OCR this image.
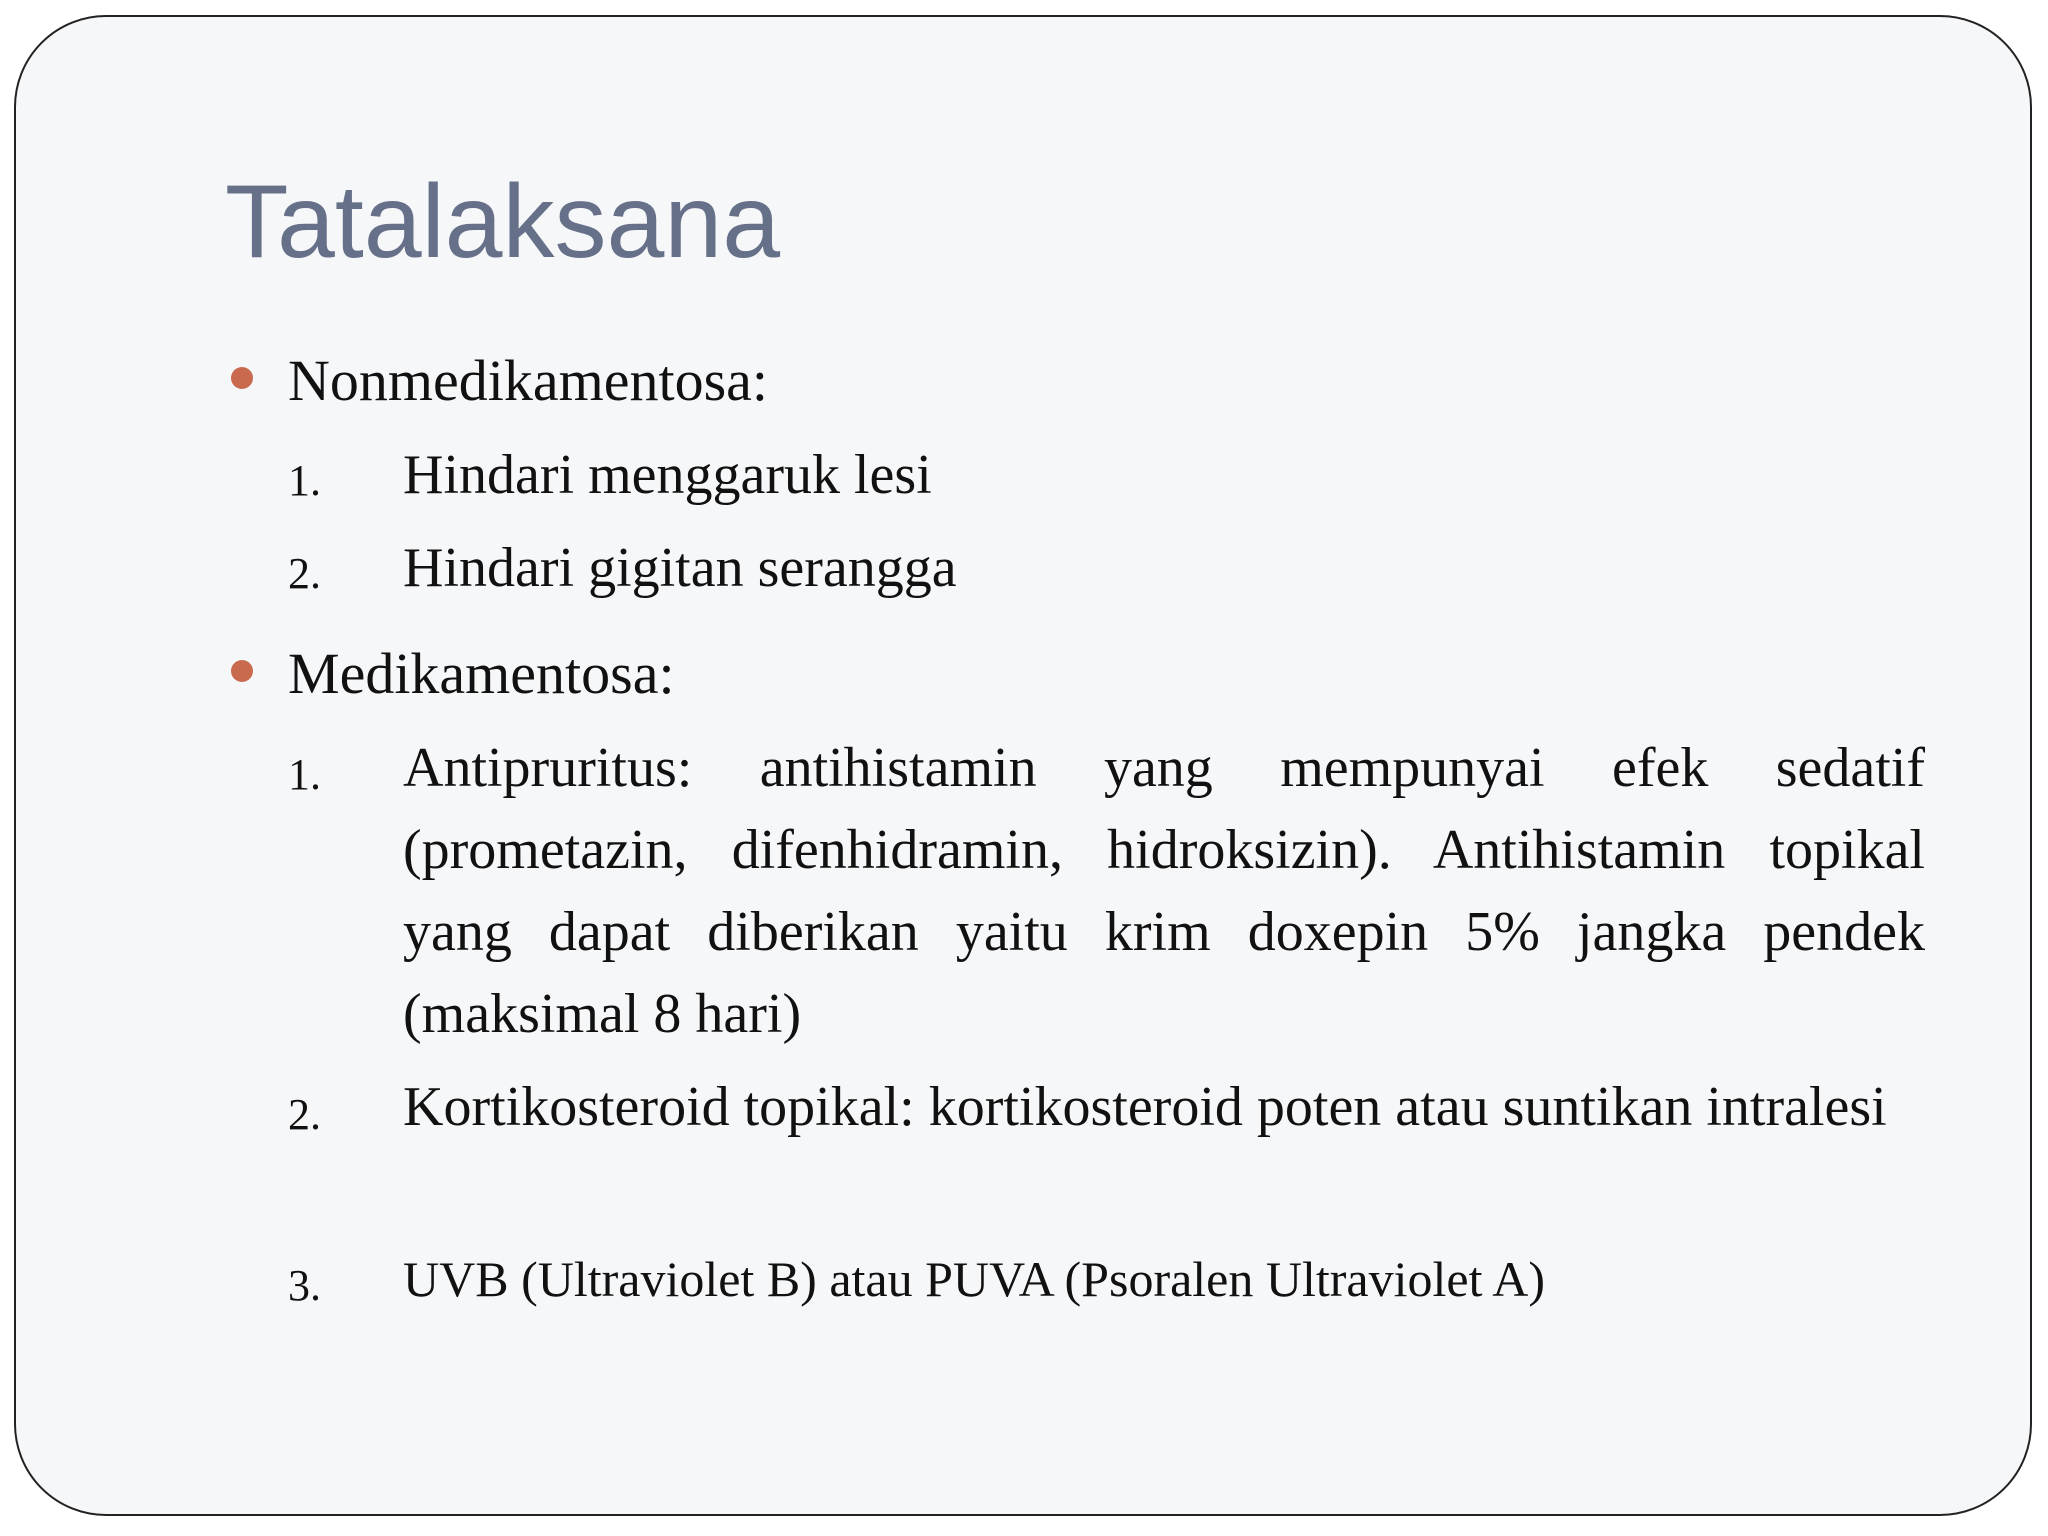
Tatalaksana
Nonmedikamentosa:
1. Hindari menggaruk lesi

2. Hindari gigitan serangga

Medikamentosa:
1. Antipruritus: antihistamin yang mempunyai efek sedatif (prometazin, difenhidramin, hidroksizin). Antihistamin topikal yang dapat diberikan yaitu krim doxepin 5% jangka pendek (maksimal 8 hari)

2. Kortikosteroid topikal: kortikosteroid poten atau suntikan intralesi

3. UVB (Ultraviolet B) atau PUVA (Psoralen Ultraviolet A)
